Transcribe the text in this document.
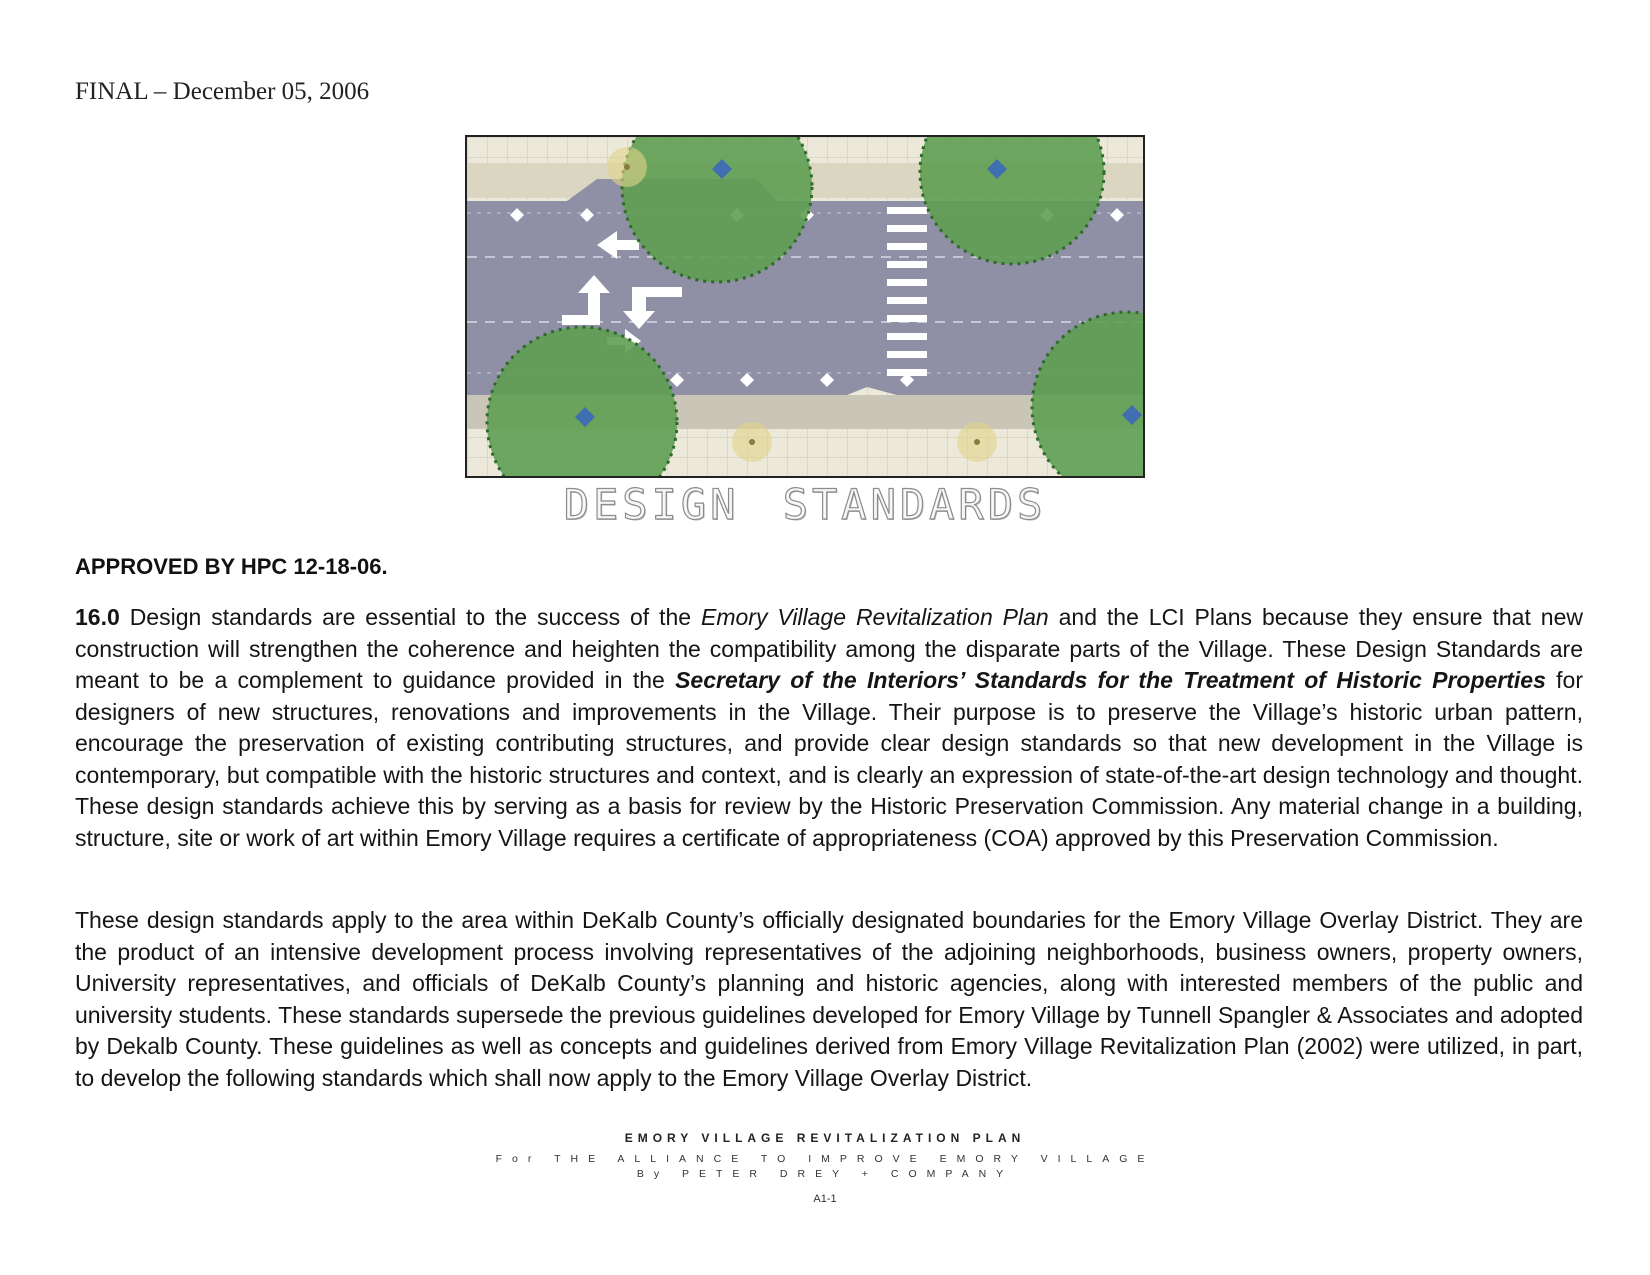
FINAL – December 05, 2006
DESIGN STANDARDS
APPROVED BY HPC 12-18-06.

16.0 Design standards are essential to the success of the Emory Village Revitalization Plan and the LCI Plans because they ensure that new construction will strengthen the coherence and heighten the compatibility among the disparate parts of the Village. These Design Standards are meant to be a complement to guidance provided in the Secretary of the Interiors’ Standards for the Treatment of Historic Properties for designers of new structures, renovations and improvements in the Village. Their purpose is to preserve the Village’s historic urban pattern, encourage the preservation of existing contributing structures, and provide clear design standards so that new development in the Village is contemporary, but compatible with the historic structures and context, and is clearly an expression of state-of-the-art design technology and thought. These design standards achieve this by serving as a basis for review by the Historic Preservation Commission. Any material change in a building, structure, site or work of art within Emory Village requires a certificate of appropriateness (COA) approved by this Preservation Commission.

These design standards apply to the area within DeKalb County’s officially designated boundaries for the Emory Village Overlay District. They are the product of an intensive development process involving representatives of the adjoining neighborhoods, business owners, property owners, University representatives, and officials of DeKalb County’s planning and historic agencies, along with interested members of the public and university students. These standards supersede the previous guidelines developed for Emory Village by Tunnell Spangler & Associates and adopted by Dekalb County. These guidelines as well as concepts and guidelines derived from Emory Village Revitalization Plan (2002) were utilized, in part, to develop the following standards which shall now apply to the Emory Village Overlay District.

EMORY VILLAGE REVITALIZATION PLAN
For THE ALLIANCE TO IMPROVE EMORY VILLAGE
By PETER DREY + COMPANY
A1-1
